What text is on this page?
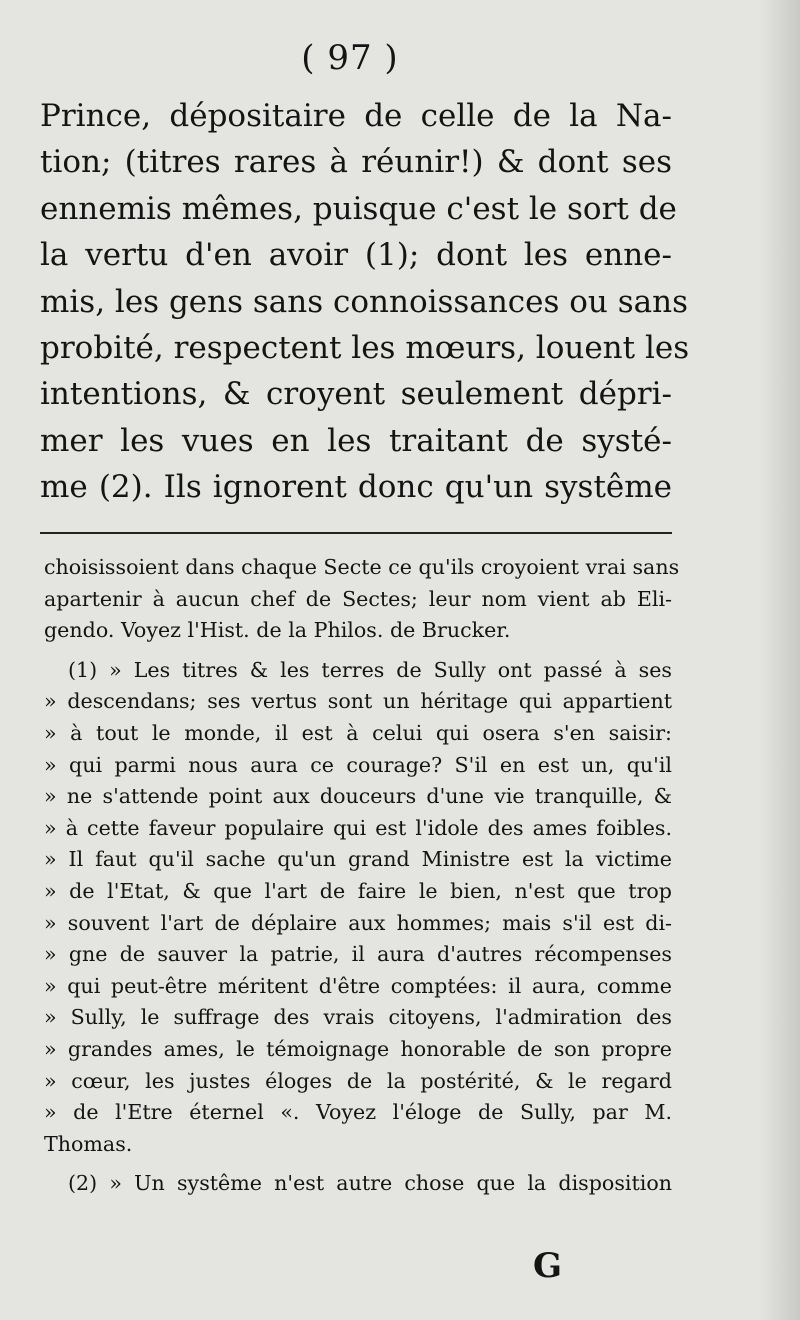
( 97 )
Prince, dépositaire de celle de la Na-
tion; (titres rares à réunir!) & dont ses
ennemis mêmes, puisque c'est le sort de
la vertu d'en avoir (1); dont les enne-
mis, les gens sans connoissances ou sans
probité, respectent les mœurs, louent les
intentions, & croyent seulement dépri-
mer les vues en les traitant de systé-
me (2). Ils ignorent donc qu'un systême
choisissoient dans chaque Secte ce qu'ils croyoient vrai sans
apartenir à aucun chef de Sectes; leur nom vient ab Eli-
gendo. Voyez l'Hist. de la Philos. de Brucker.
(1) » Les titres & les terres de Sully ont passé à ses
» descendans; ses vertus sont un héritage qui appartient
» à tout le monde, il est à celui qui osera s'en saisir:
» qui parmi nous aura ce courage? S'il en est un, qu'il
» ne s'attende point aux douceurs d'une vie tranquille, &
» à cette faveur populaire qui est l'idole des ames foibles.
» Il faut qu'il sache qu'un grand Ministre est la victime
» de l'Etat, & que l'art de faire le bien, n'est que trop
» souvent l'art de déplaire aux hommes; mais s'il est di-
» gne de sauver la patrie, il aura d'autres récompenses
» qui peut-être méritent d'être comptées: il aura, comme
» Sully, le suffrage des vrais citoyens, l'admiration des
» grandes ames, le témoignage honorable de son propre
» cœur, les justes éloges de la postérité, & le regard
» de l'Etre éternel «. Voyez l'éloge de Sully, par M.
Thomas.
(2) » Un systême n'est autre chose que la disposition
G
